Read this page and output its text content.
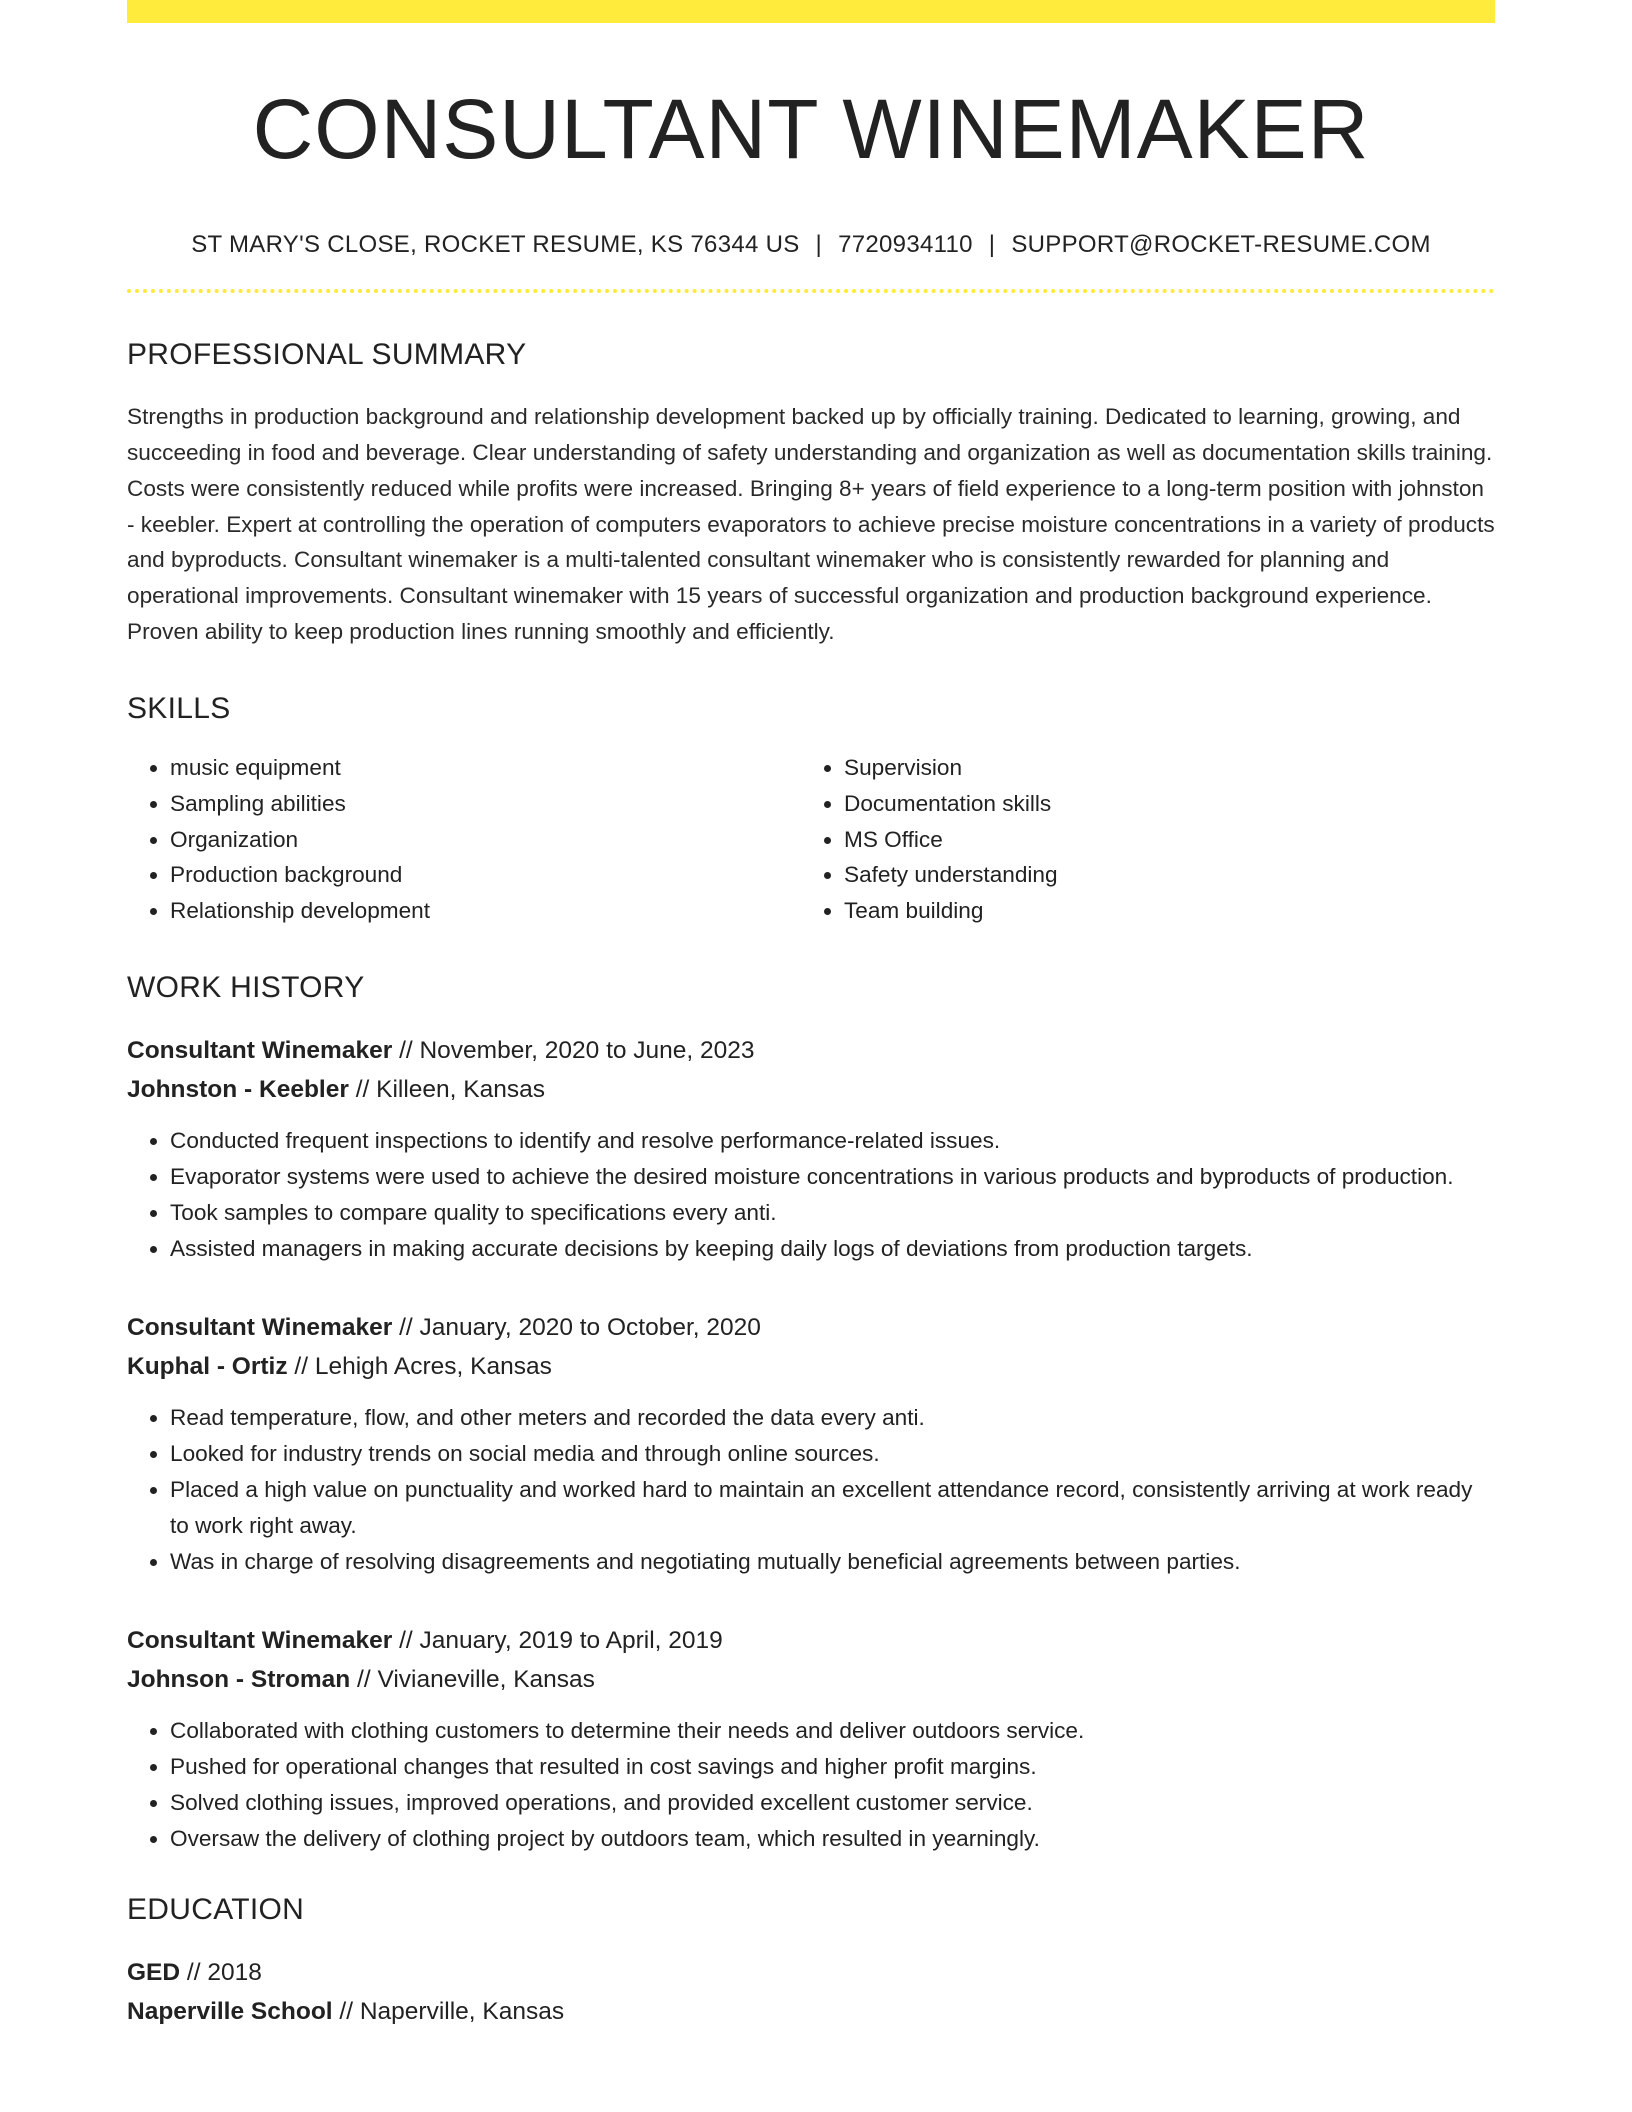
CONSULTANT WINEMAKER
ST MARY'S CLOSE, ROCKET RESUME, KS 76344 US | 7720934110 | SUPPORT@ROCKET-RESUME.COM
PROFESSIONAL SUMMARY
Strengths in production background and relationship development backed up by officially training. Dedicated to learning, growing, and succeeding in food and beverage. Clear understanding of safety understanding and organization as well as documentation skills training. Costs were consistently reduced while profits were increased. Bringing 8+ years of field experience to a long-term position with johnston - keebler. Expert at controlling the operation of computers evaporators to achieve precise moisture concentrations in a variety of products and byproducts. Consultant winemaker is a multi-talented consultant winemaker who is consistently rewarded for planning and operational improvements. Consultant winemaker with 15 years of successful organization and production background experience. Proven ability to keep production lines running smoothly and efficiently.
SKILLS
• music equipment
• Sampling abilities
• Organization
• Production background
• Relationship development
• Supervision
• Documentation skills
• MS Office
• Safety understanding
• Team building
WORK HISTORY
Consultant Winemaker // November, 2020 to June, 2023
Johnston - Keebler // Killeen, Kansas
• Conducted frequent inspections to identify and resolve performance-related issues.
• Evaporator systems were used to achieve the desired moisture concentrations in various products and byproducts of production.
• Took samples to compare quality to specifications every anti.
• Assisted managers in making accurate decisions by keeping daily logs of deviations from production targets.
Consultant Winemaker // January, 2020 to October, 2020
Kuphal - Ortiz // Lehigh Acres, Kansas
• Read temperature, flow, and other meters and recorded the data every anti.
• Looked for industry trends on social media and through online sources.
• Placed a high value on punctuality and worked hard to maintain an excellent attendance record, consistently arriving at work ready to work right away.
• Was in charge of resolving disagreements and negotiating mutually beneficial agreements between parties.
Consultant Winemaker // January, 2019 to April, 2019
Johnson - Stroman // Vivianeville, Kansas
• Collaborated with clothing customers to determine their needs and deliver outdoors service.
• Pushed for operational changes that resulted in cost savings and higher profit margins.
• Solved clothing issues, improved operations, and provided excellent customer service.
• Oversaw the delivery of clothing project by outdoors team, which resulted in yearningly.
EDUCATION
GED // 2018
Naperville School // Naperville, Kansas
